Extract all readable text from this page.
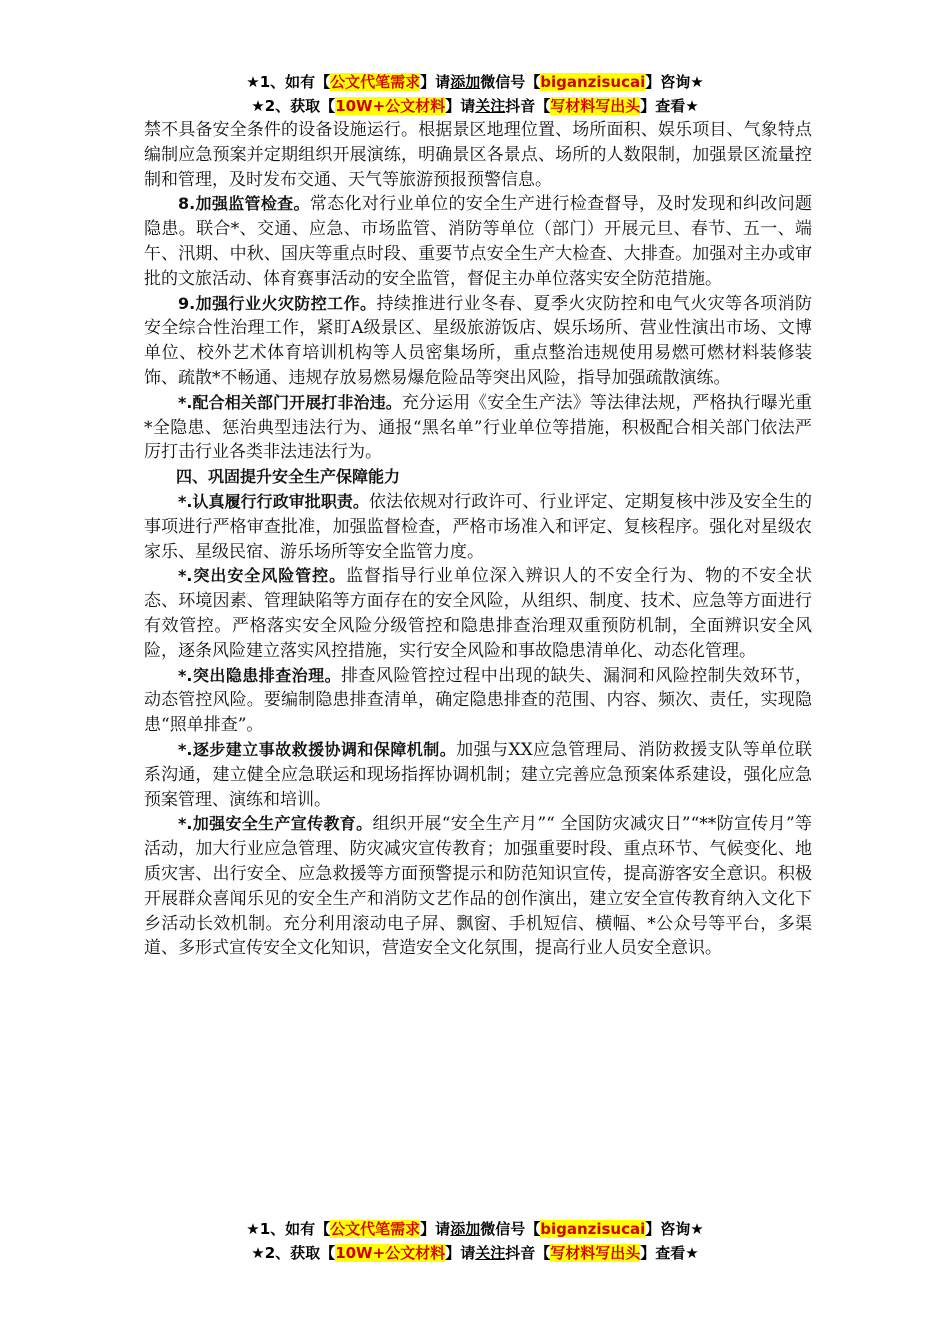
★1、如有【公文代笔需求】请添加微信号【biganzisucai】咨询★
★2、获取【10W+公文材料】请关注抖音【写材料写出头】查看★

禁不具备安全条件的设备设施运行。根据景区地理位置、场所面积、娱乐项目、气象特点编制应急预案并定期组织开展演练，明确景区各景点、场所的人数限制，加强景区流量控制和管理，及时发布交通、天气等旅游预报预警信息。

8.加强监管检查。常态化对行业单位的安全生产进行检查督导，及时发现和纠改问题隐患。联合*、交通、应急、市场监管、消防等单位（部门）开展元旦、春节、五一、端午、汛期、中秋、国庆等重点时段、重要节点安全生产大检查、大排查。加强对主办或审批的文旅活动、体育赛事活动的安全监管，督促主办单位落实安全防范措施。

9.加强行业火灾防控工作。持续推进行业冬春、夏季火灾防控和电气火灾等各项消防安全综合性治理工作，紧盯A级景区、星级旅游饭店、娱乐场所、营业性演出市场、文博单位、校外艺术体育培训机构等人员密集场所，重点整治违规使用易燃可燃材料装修装饰、疏散*不畅通、违规存放易燃易爆危险品等突出风险，指导加强疏散演练。

*.配合相关部门开展打非治违。充分运用《安全生产法》等法律法规，严格执行曝光重*全隐患、惩治典型违法行为、通报“黑名单”行业单位等措施，积极配合相关部门依法严厉打击行业各类非法违法行为。

四、巩固提升安全生产保障能力

*.认真履行行政审批职责。依法依规对行政许可、行业评定、定期复核中涉及安全生的事项进行严格审查批准，加强监督检查，严格市场准入和评定、复核程序。强化对星级农家乐、星级民宿、游乐场所等安全监管力度。

*.突出安全风险管控。监督指导行业单位深入辨识人的不安全行为、物的不安全状态、环境因素、管理缺陷等方面存在的安全风险，从组织、制度、技术、应急等方面进行有效管控。严格落实安全风险分级管控和隐患排查治理双重预防机制，全面辨识安全风险，逐条风险建立落实风控措施，实行安全风险和事故隐患清单化、动态化管理。

*.突出隐患排查治理。排查风险管控过程中出现的缺失、漏洞和风险控制失效环节，动态管控风险。要编制隐患排查清单，确定隐患排查的范围、内容、频次、责任，实现隐患“照单排查”。

*.逐步建立事故救援协调和保障机制。加强与XX应急管理局、消防救援支队等单位联系沟通，建立健全应急联运和现场指挥协调机制；建立完善应急预案体系建设，强化应急预案管理、演练和培训。

*.加强安全生产宣传教育。组织开展“安全生产月”“ 全国防灾减灾日”“**防宣传月”等活动，加大行业应急管理、防灾减灾宣传教育；加强重要时段、重点环节、气候变化、地质灾害、出行安全、应急救援等方面预警提示和防范知识宣传，提高游客安全意识。积极开展群众喜闻乐见的安全生产和消防文艺作品的创作演出，建立安全宣传教育纳入文化下乡活动长效机制。充分利用滚动电子屏、飘窗、手机短信、横幅、*公众号等平台，多渠道、多形式宣传安全文化知识，营造安全文化氛围，提高行业人员安全意识。

★1、如有【公文代笔需求】请添加微信号【biganzisucai】咨询★
★2、获取【10W+公文材料】请关注抖音【写材料写出头】查看★
